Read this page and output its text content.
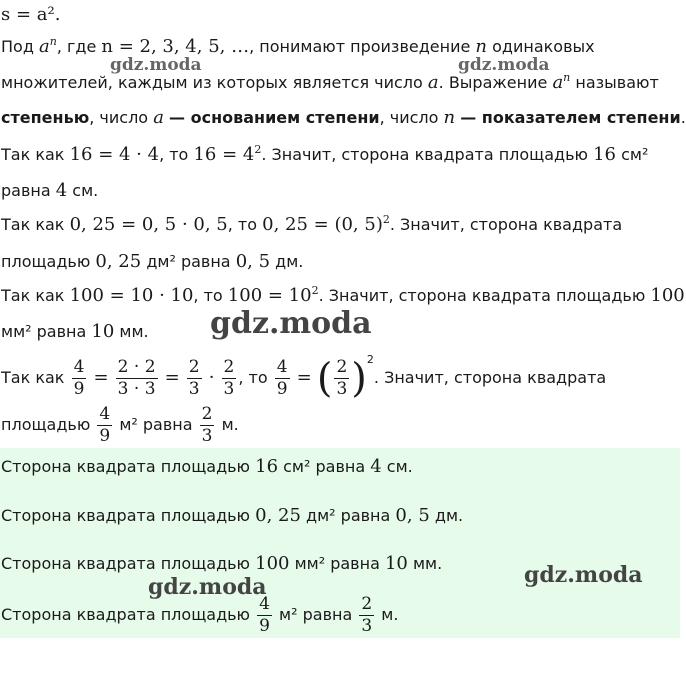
s = a².
Под $a^n$, где n = 2, 3, 4, 5, …, понимают произведение n одинаковых
множителей, каждым из которых является число a. Выражение $a^n$ называют
степенью, число a — основанием степени, число n — показателем степени.
Так как 16 = 4 · 4, то $16 = 4^2$. Значит, сторона квадрата площадью 16 см²
равна 4 см.
Так как 0, 25 = 0, 5 · 0, 5, то 0, 25 = (0, 5)$^2$. Значит, сторона квадрата
площадью 0, 25 дм² равна 0, 5 дм.
Так как 100 = 10 · 10, то $100 = 10^2$. Значит, сторона квадрата площадью 100
мм² равна 10 мм.
Так как $\frac{4}{9} = \frac{2 \cdot 2}{3 \cdot 3} = \frac{2}{3} \cdot \frac{2}{3}$ , то $\frac{4}{9}$ = ( $\frac{2}{3} )^2$. Значит, сторона квадрата
площадью $\frac{4}{9} м^2$ равна $\frac{2}{3} м$.
Сторона квадрата площадью 16 см² равна 4 см.
Сторона квадрата площадью 0, 25 дм² равна 0, 5 дм.
Сторона квадрата площадью 100 мм² равна 10 мм.
Сторона квадрата площадью $\frac{4}{9} м^2$ равна $\frac{2}{3} м$.
gdz.moda	gdz.moda
gdz.moda
gdz.moda	gdz.moda
